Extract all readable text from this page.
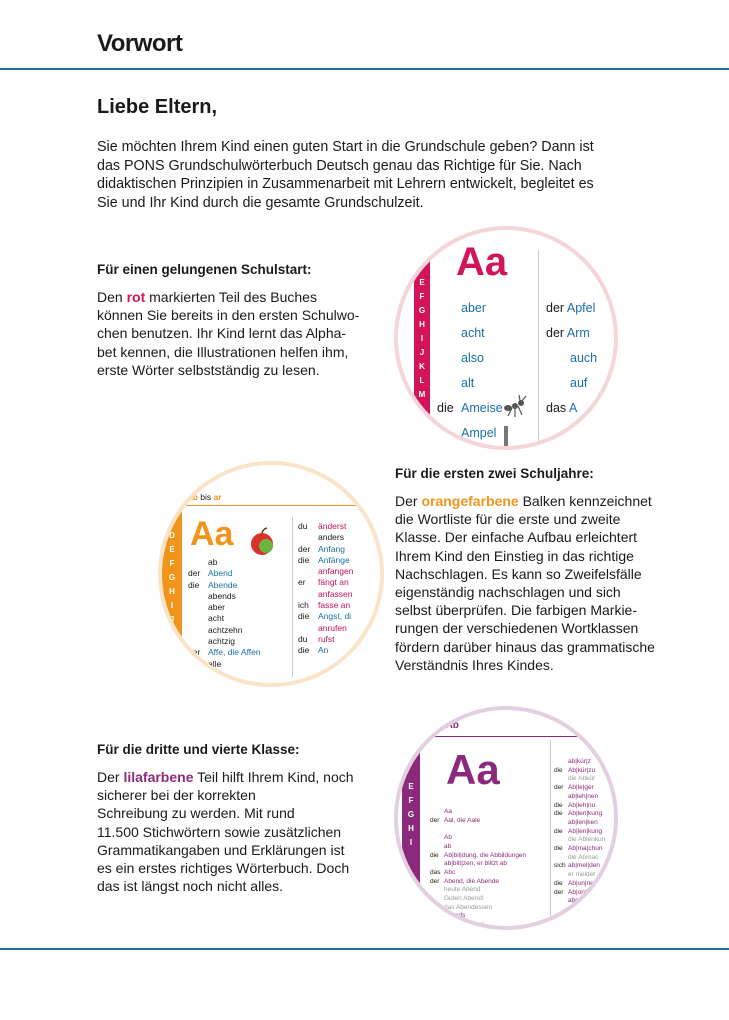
Vorwort
Liebe Eltern,
Sie möchten Ihrem Kind einen guten Start in die Grundschule geben? Dann ist
das PONS Grundschulwörterbuch Deutsch genau das Richtige für Sie. Nach
didaktischen Prinzipien in Zusammenarbeit mit Lehrern entwickelt, begleitet es
Sie und Ihr Kind durch die gesamte Grundschulzeit.
Für einen gelungenen Schulstart:
Den rot markierten Teil des Buches
können Sie bereits in den ersten Schulwo-
chen benutzen. Ihr Kind lernt das Alpha-
bet kennen, die Illustrationen helfen ihm,
erste Wörter selbstständig zu lesen.
E
F
G
H
I
J
K
L
M
Aa
aber
acht
also
alt
Ameise
Ampel
die
der Apfel
der Arm
auch
auf
das A
Für die ersten zwei Schuljahre:
Der orangefarbene Balken kennzeichnet
die Wortliste für die erste und zweite
Klasse. Der einfache Aufbau erleichtert
Ihrem Kind den Einstieg in das richtige
Nachschlagen. Es kann so Zweifelsfälle
eigenständig nachschlagen und sich
selbst überprüfen. Die farbigen Markie-
rungen der verschiedenen Wortklassen
fördern darüber hinaus das grammatische
Verständnis Ihres Kindes.
ab bis ar
C
D
E
F
G
H
I
J
Aa
ab
der Abend
die Abende
abends
aber
acht
achtzehn
achtzig
der Affe, die Affen
alle
allein
du änderst
anders
der Anfang
die Anfänge
anfangen
er fängt an
anfassen
ich fasse an
die Angst, di
anrufen
du rufst
die An
Für die dritte und vierte Klasse:
Der lilafarbene Teil hilft Ihrem Kind, noch
sicherer bei der korrekten
Schreibung zu werden. Mit rund
11.500 Stichwörtern sowie zusätzlichen
Grammatikangaben und Erklärungen ist
es ein erstes richtiges Wörterbuch. Doch
das ist längst noch nicht alles.
bis Ab
E
F
G
H
I
Aa
Aa
der Aal, die Aale
Ab
ab
die Ab|bil|dung, die Abbildungen
ab|blit|zen, er blitzt ab
das Abc
der Abend, die Abende
heute Abend
Guten Abend!
das Abendessen
abends
die Abenteuer
ab|kür|z
die Ab|kür|zu
die Abkür
der Ab|le|ger
ab|leh|nen
die Ab|leh|nu
die Ab|len|kung
ab|len|ken
die Ab|len|kung
die Ablenkun
die Ab|ma|chun
die Abmac
sich ab|mel|den
er meldet
die Ab|on|ne
der Ab|on|ne
abo
ab
